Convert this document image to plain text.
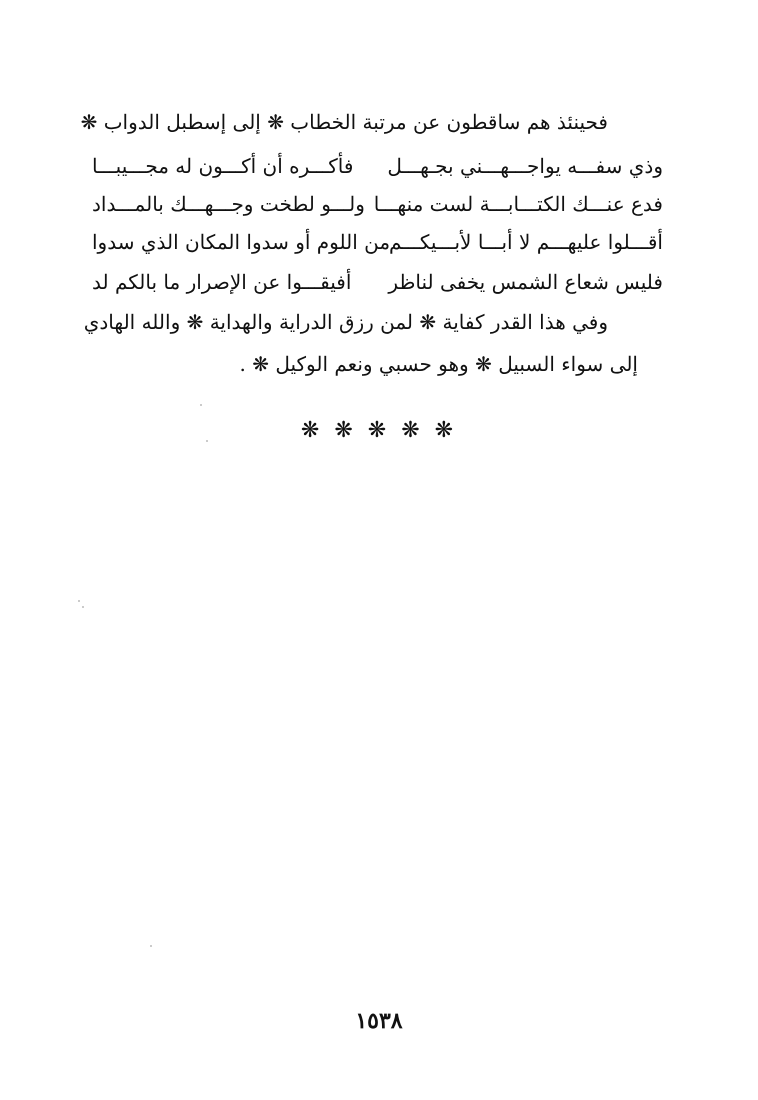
فحينئذ هم ساقطون عن مرتبة الخطاب ❋ إلى إسطبل الدواب ❋
وذي سفـــه يواجـــهـــني بجـهـــل
فأكـــره أن أكـــون له مجـــيبـــا
فدع عنـــك الكتـــابـــة لست منهـــا
ولـــو لطخت وجـــهـــك بالمـــداد
أقـــلوا عليهـــم لا أبـــا لأبـــيكـــم
من اللوم أو سدوا المكان الذي سدوا
فليس شعاع الشمس يخفى لناظر
أفيقـــوا عن الإصرار ما بالكم لد
وفي هذا القدر كفاية ❋ لمن رزق الدراية والهداية ❋ والله الهادي
إلى سواء السبيل ❋ وهو حسبي ونعم الوكيل ❋ .
❋ ❋ ❋ ❋ ❋
١٥٣٨
